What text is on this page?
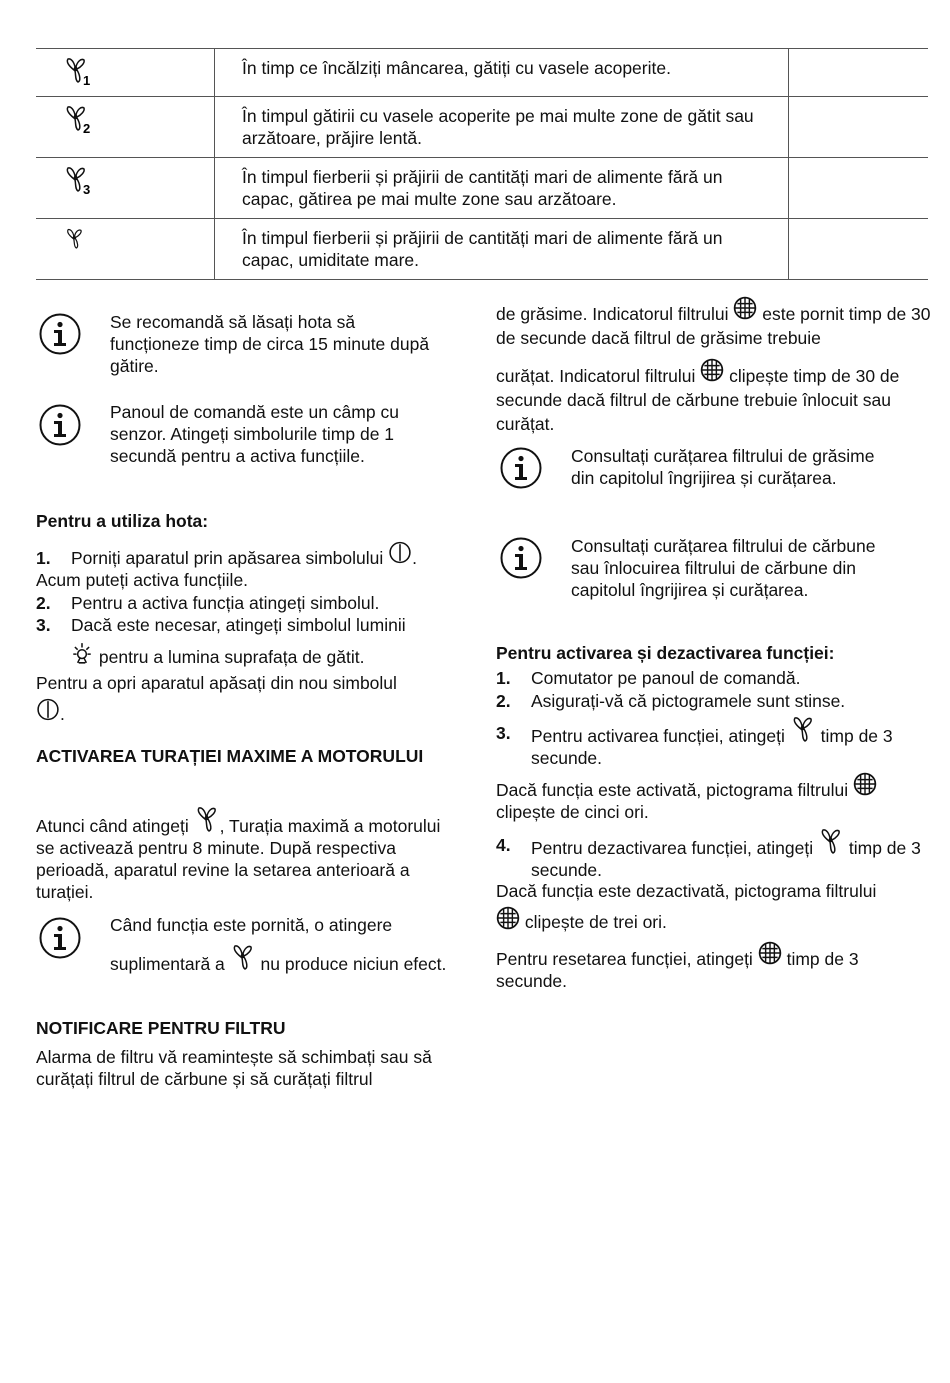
1	În timp ce încălziți mâncarea, gătiți cu vasele acoperite.	

2	În timpul gătirii cu vasele acoperite pe mai multe zone de gătit sau arzătoare, prăjire lentă.	

3	În timpul fierberii și prăjirii de cantități mari de alimente fără un capac, gătirea pe mai multe zone sau arzătoare.	

	În timpul fierberii și prăjirii de cantități mari de alimente fără un capac, umiditate mare.	
Se recomandă să lăsați hota să funcționeze timp de circa 15 minute după gătire.
Panoul de comandă este un câmp cu senzor. Atingeți simbolurile timp de 1 secundă pentru a activa funcțiile.
Pentru a utiliza hota:
1. Porniți aparatul prin apăsarea simbolului .
Acum puteți activa funcțiile.
2. Pentru a activa funcția atingeți simbolul.
3. Dacă este necesar, atingeți simbolul luminii
pentru a lumina suprafața de gătit.
Pentru a opri aparatul apăsați din nou simbolul
.
ACTIVAREA TURAȚIEI MAXIME A MOTORULUI
Atunci când atingeți , Turația maximă a motorului se activează pentru 8 minute. După respectiva perioadă, aparatul revine la setarea anterioară a turației.
Când funcția este pornită, o atingere
suplimentară a nu produce niciun efect.
NOTIFICARE PENTRU FILTRU
Alarma de filtru vă reamintește să schimbați sau să curățați filtrul de cărbune și să curățați filtrul
de grăsime. Indicatorul filtrului este pornit timp de 30 de secunde dacă filtrul de grăsime trebuie
curățat. Indicatorul filtrului clipește timp de 30 de secunde dacă filtrul de cărbune trebuie înlocuit sau curățat.
Consultați curățarea filtrului de grăsime din capitolul îngrijirea și curățarea.
Consultați curățarea filtrului de cărbune sau înlocuirea filtrului de cărbune din capitolul îngrijirea și curățarea.
Pentru activarea și dezactivarea funcției:
1. Comutator pe panoul de comandă.
2. Asigurați-vă că pictogramele sunt stinse.
3.	Pentru activarea funcției, atingeți timp de 3 secunde.
Dacă funcția este activată, pictograma filtrului  clipește de cinci ori.
4.	Pentru dezactivarea funcției, atingeți timp de 3 secunde.
Dacă funcția este dezactivată, pictograma filtrului
clipește de trei ori.
Pentru resetarea funcției, atingeți timp de 3 secunde.
